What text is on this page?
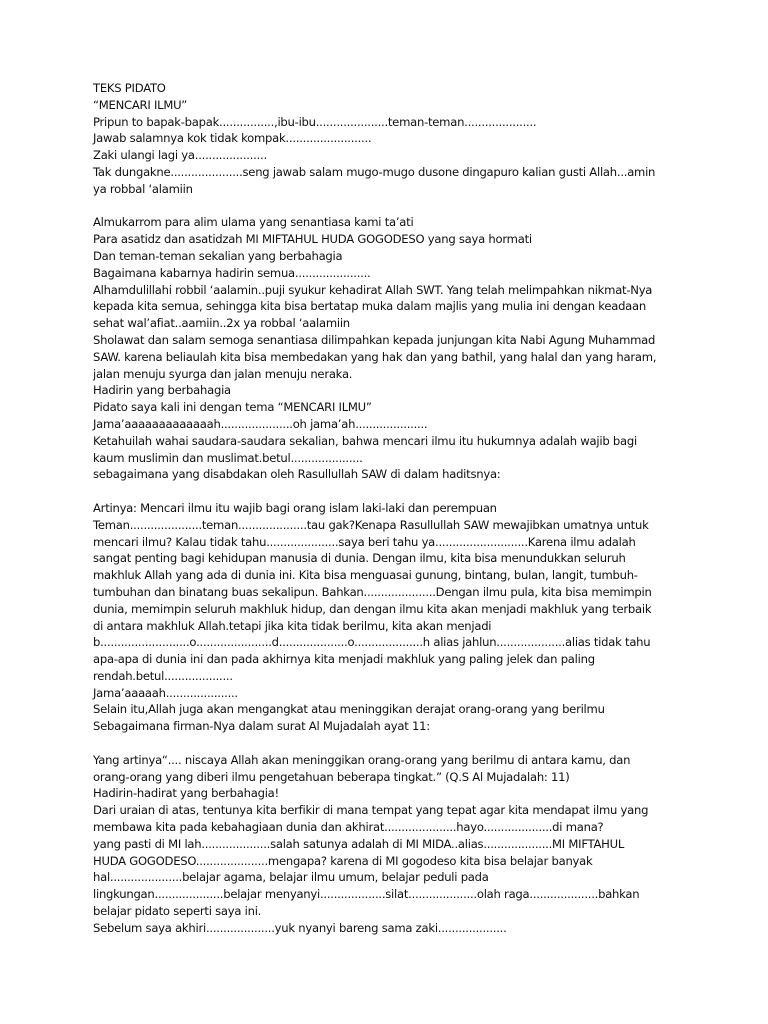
TEKS PIDATO
“MENCARI ILMU”
Pripun to bapak-bapak................,ibu-ibu.....................teman-teman.....................
Jawab salamnya kok tidak kompak.........................
Zaki ulangi lagi ya.....................
Tak dungakne.....................seng jawab salam mugo-mugo dusone dingapuro kalian gusti Allah...amin
ya robbal ‘alamiin
Almukarrom para alim ulama yang senantiasa kami ta’ati
Para asatidz dan asatidzah MI MIFTAHUL HUDA GOGODESO yang saya hormati
Dan teman-teman sekalian yang berbahagia
Bagaimana kabarnya hadirin semua......................
Alhamdulillahi robbil ‘aalamin..puji syukur kehadirat Allah SWT. Yang telah melimpahkan nikmat-Nya
kepada kita semua, sehingga kita bisa bertatap muka dalam majlis yang mulia ini dengan keadaan
sehat wal’afiat..aamiin..2x ya robbal ‘aalamiin
Sholawat dan salam semoga senantiasa dilimpahkan kepada junjungan kita Nabi Agung Muhammad
SAW. karena beliaulah kita bisa membedakan yang hak dan yang bathil, yang halal dan yang haram,
jalan menuju syurga dan jalan menuju neraka.
Hadirin yang berbahagia
Pidato saya kali ini dengan tema “MENCARI ILMU”
Jama’aaaaaaaaaaaaah.....................oh jama’ah.....................
Ketahuilah wahai saudara-saudara sekalian, bahwa mencari ilmu itu hukumnya adalah wajib bagi
kaum muslimin dan muslimat.betul.....................
sebagaimana yang disabdakan oleh Rasullullah SAW di dalam haditsnya:
Artinya: Mencari ilmu itu wajib bagi orang islam laki-laki dan perempuan
Teman.....................teman....................tau gak?Kenapa Rasullullah SAW mewajibkan umatnya untuk
mencari ilmu? Kalau tidak tahu.....................saya beri tahu ya...........................Karena ilmu adalah
sangat penting bagi kehidupan manusia di dunia. Dengan ilmu, kita bisa menundukkan seluruh
makhluk Allah yang ada di dunia ini. Kita bisa menguasai gunung, bintang, bulan, langit, tumbuh-
tumbuhan dan binatang buas sekalipun. Bahkan.....................Dengan ilmu pula, kita bisa memimpin
dunia, memimpin seluruh makhluk hidup, dan dengan ilmu kita akan menjadi makhluk yang terbaik
di antara makhluk Allah.tetapi jika kita tidak berilmu, kita akan menjadi
b..........................o......................d....................o....................h alias jahlun....................alias tidak tahu
apa-apa di dunia ini dan pada akhirnya kita menjadi makhluk yang paling jelek dan paling
rendah.betul....................
Jama’aaaaah.....................
Selain itu,Allah juga akan mengangkat atau meninggikan derajat orang-orang yang berilmu
Sebagaimana firman-Nya dalam surat Al Mujadalah ayat 11:
Yang artinya“.... niscaya Allah akan meninggikan orang-orang yang berilmu di antara kamu, dan
orang-orang yang diberi ilmu pengetahuan beberapa tingkat.” (Q.S Al Mujadalah: 11)
Hadirin-hadirat yang berbahagia!
Dari uraian di atas, tentunya kita berfikir di mana tempat yang tepat agar kita mendapat ilmu yang
membawa kita pada kebahagiaan dunia dan akhirat.....................hayo....................di mana?
yang pasti di MI lah....................salah satunya adalah di MI MIDA..alias....................MI MIFTAHUL
HUDA GOGODESO.....................mengapa? karena di MI gogodeso kita bisa belajar banyak
hal.....................belajar agama, belajar ilmu umum, belajar peduli pada
lingkungan....................belajar menyanyi...................silat....................olah raga....................bahkan
belajar pidato seperti saya ini.
Sebelum saya akhiri....................yuk nyanyi bareng sama zaki....................
